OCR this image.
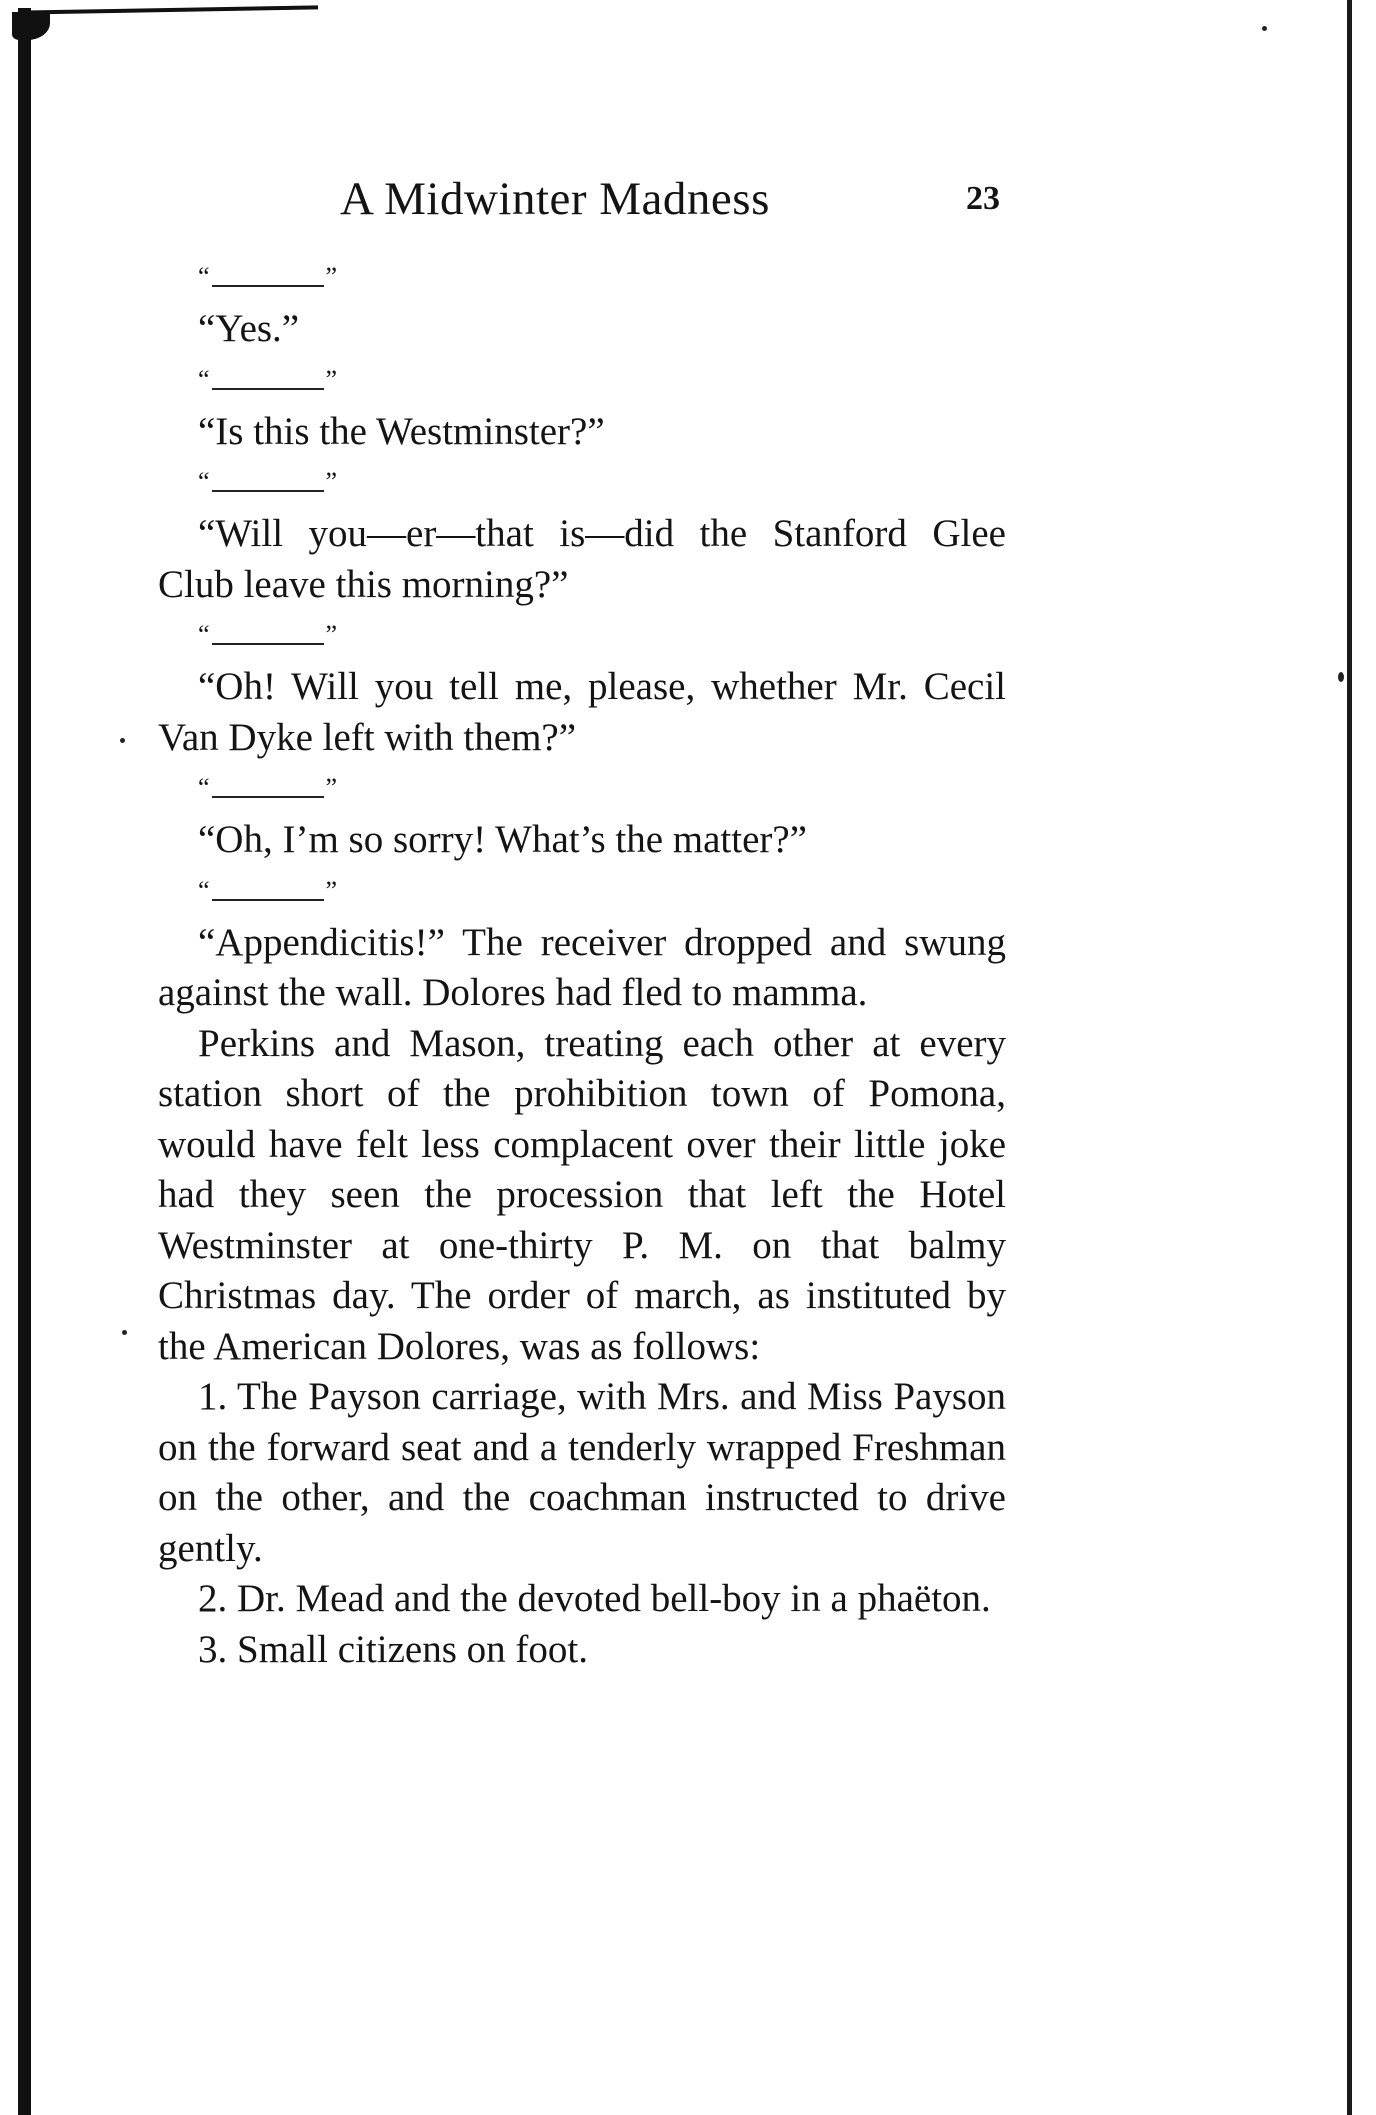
A Midwinter Madness	23

“	”

“Yes.”

“	”

“Is this the Westminster?”

“	”

“Will you—er—that is—did the Stanford Glee Club leave this morning?”

“	”

“Oh! Will you tell me, please, whether Mr. Cecil Van Dyke left with them?”

“	”

“Oh, I’m so sorry! What’s the matter?”

“	”

“Appendicitis!” The receiver dropped and swung against the wall. Dolores had fled to mamma.

Perkins and Mason, treating each other at every station short of the prohibition town of Pomona, would have felt less complacent over their little joke had they seen the procession that left the Hotel Westminster at one-thirty P. M. on that balmy Christmas day. The order of march, as instituted by the American Dolores, was as follows:

1. The Payson carriage, with Mrs. and Miss Payson on the forward seat and a tenderly wrapped Freshman on the other, and the coachman instructed to drive gently.

2. Dr. Mead and the devoted bell-boy in a phaëton.

3. Small citizens on foot.
